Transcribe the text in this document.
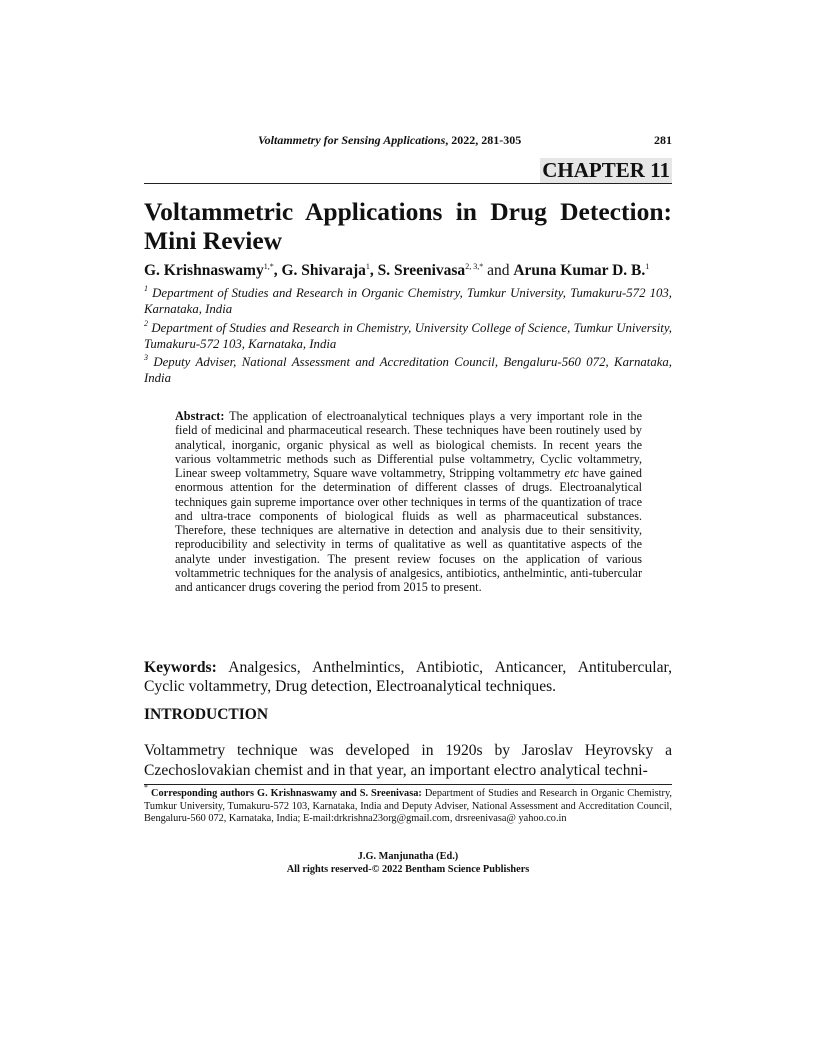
Voltammetry for Sensing Applications, 2022, 281-305	281
CHAPTER 11
Voltammetric Applications in Drug Detection:
Mini Review
G. Krishnaswamy$^{1,*}$, G. Shivaraja$^1$, S. Sreenivasa$^{2, 3,*}$ and Aruna Kumar D. B.$^1$
$^1$ Department of Studies and Research in Organic Chemistry, Tumkur University, Tumakuru-572 103, Karnataka, India
$^2$ Department of Studies and Research in Chemistry, University College of Science, Tumkur University, Tumakuru-572 103, Karnataka, India
$^3$ Deputy Adviser, National Assessment and Accreditation Council, Bengaluru-560 072, Karnataka, India
Abstract: The application of electroanalytical techniques plays a very important role in the field of medicinal and pharmaceutical research. These techniques have been routinely used by analytical, inorganic, organic physical as well as biological chemists. In recent years the various voltammetric methods such as Differential pulse voltammetry, Cyclic voltammetry, Linear sweep voltammetry, Square wave voltammetry, Stripping voltammetry etc have gained enormous attention for the determination of different classes of drugs. Electroanalytical techniques gain supreme importance over other techniques in terms of the quantization of trace and ultra-trace components of biological fluids as well as pharmaceutical substances. Therefore, these techniques are alternative in detection and analysis due to their sensitivity, reproducibility and selectivity in terms of qualitative as well as quantitative aspects of the analyte under investigation. The present review focuses on the application of various voltammetric techniques for the analysis of analgesics, antibiotics, anthelmintic, anti-tubercular and anticancer drugs covering the period from 2015 to present.
Keywords: Analgesics, Anthelmintics, Antibiotic, Anticancer, Antitubercular, Cyclic voltammetry, Drug detection, Electroanalytical techniques.
INTRODUCTION
Voltammetry technique was developed in 1920s by Jaroslav Heyrovsky a Czechoslovakian chemist and in that year, an important electro analytical techni-
* Corresponding authors G. Krishnaswamy and S. Sreenivasa: Department of Studies and Research in Organic Chemistry, Tumkur University, Tumakuru-572 103, Karnataka, India and Deputy Adviser, National Assessment and Accreditation Council, Bengaluru-560 072, Karnataka, India; E-mail:drkrishna23org@gmail.com, drsreenivasa@ yahoo.co.in
J.G. Manjunatha (Ed.)
All rights reserved-© 2022 Bentham Science Publishers
